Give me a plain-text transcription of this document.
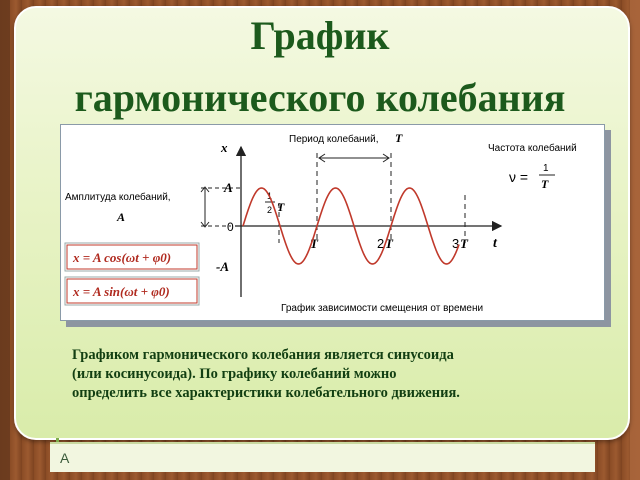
A
График
гармонического колебания
x
t
A
0
-A
Амплитуда колебаний,
A
Период колебаний, T
Частота колебаний
ν =
1
T
1
2 T
T	2 T	3 T
x = A cos(ωt + φ0)
x = A sin(ωt + φ0)
График зависимости смещения от времени
Графиком гармонического колебания является синусоида
(или косинусоида). По графику колебаний можно
определить все характеристики колебательного движения.
